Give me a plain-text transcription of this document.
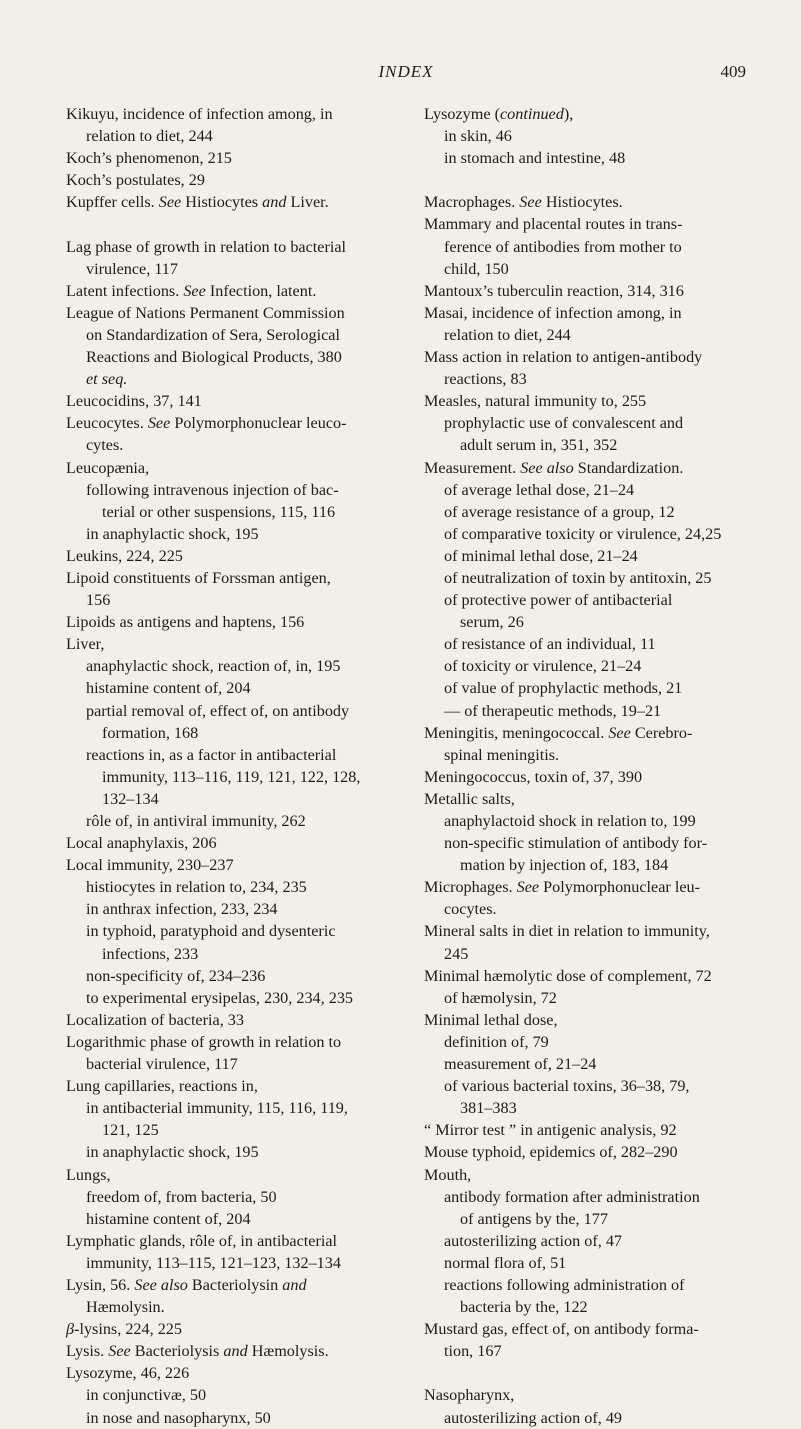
INDEX	409
Kikuyu, incidence of infection among, in
relation to diet, 244
Koch’s phenomenon, 215
Koch’s postulates, 29
Kupffer cells. See Histiocytes and Liver.
Lag phase of growth in relation to bacterial
virulence, 117
Latent infections. See Infection, latent.
League of Nations Permanent Commission
on Standardization of Sera, Serological
Reactions and Biological Products, 380
et seq.
Leucocidins, 37, 141
Leucocytes. See Polymorphonuclear leuco-
cytes.
Leucopænia,
following intravenous injection of bac-
terial or other suspensions, 115, 116
in anaphylactic shock, 195
Leukins, 224, 225
Lipoid constituents of Forssman antigen,
156
Lipoids as antigens and haptens, 156
Liver,
anaphylactic shock, reaction of, in, 195
histamine content of, 204
partial removal of, effect of, on antibody
formation, 168
reactions in, as a factor in antibacterial
immunity, 113–116, 119, 121, 122, 128,
132–134
rôle of, in antiviral immunity, 262
Local anaphylaxis, 206
Local immunity, 230–237
histiocytes in relation to, 234, 235
in anthrax infection, 233, 234
in typhoid, paratyphoid and dysenteric
infections, 233
non-specificity of, 234–236
to experimental erysipelas, 230, 234, 235
Localization of bacteria, 33
Logarithmic phase of growth in relation to
bacterial virulence, 117
Lung capillaries, reactions in,
in antibacterial immunity, 115, 116, 119,
121, 125
in anaphylactic shock, 195
Lungs,
freedom of, from bacteria, 50
histamine content of, 204
Lymphatic glands, rôle of, in antibacterial
immunity, 113–115, 121–123, 132–134
Lysin, 56. See also Bacteriolysin and
Hæmolysin.
β-lysins, 224, 225
Lysis. See Bacteriolysis and Hæmolysis.
Lysozyme, 46, 226
in conjunctivæ, 50
in nose and nasopharynx, 50
Lysozyme (continued),
in skin, 46
in stomach and intestine, 48
Macrophages. See Histiocytes.
Mammary and placental routes in trans-
ference of antibodies from mother to
child, 150
Mantoux’s tuberculin reaction, 314, 316
Masai, incidence of infection among, in
relation to diet, 244
Mass action in relation to antigen-antibody
reactions, 83
Measles, natural immunity to, 255
prophylactic use of convalescent and
adult serum in, 351, 352
Measurement. See also Standardization.
of average lethal dose, 21–24
of average resistance of a group, 12
of comparative toxicity or virulence, 24,25
of minimal lethal dose, 21–24
of neutralization of toxin by antitoxin, 25
of protective power of antibacterial
serum, 26
of resistance of an individual, 11
of toxicity or virulence, 21–24
of value of prophylactic methods, 21
— of therapeutic methods, 19–21
Meningitis, meningococcal. See Cerebro-
spinal meningitis.
Meningococcus, toxin of, 37, 390
Metallic salts,
anaphylactoid shock in relation to, 199
non-specific stimulation of antibody for-
mation by injection of, 183, 184
Microphages. See Polymorphonuclear leu-
cocytes.
Mineral salts in diet in relation to immunity,
245
Minimal hæmolytic dose of complement, 72
of hæmolysin, 72
Minimal lethal dose,
definition of, 79
measurement of, 21–24
of various bacterial toxins, 36–38, 79,
381–383
“ Mirror test ” in antigenic analysis, 92
Mouse typhoid, epidemics of, 282–290
Mouth,
antibody formation after administration
of antigens by the, 177
autosterilizing action of, 47
normal flora of, 51
reactions following administration of
bacteria by the, 122
Mustard gas, effect of, on antibody forma-
tion, 167
Nasopharynx,
autosterilizing action of, 49
